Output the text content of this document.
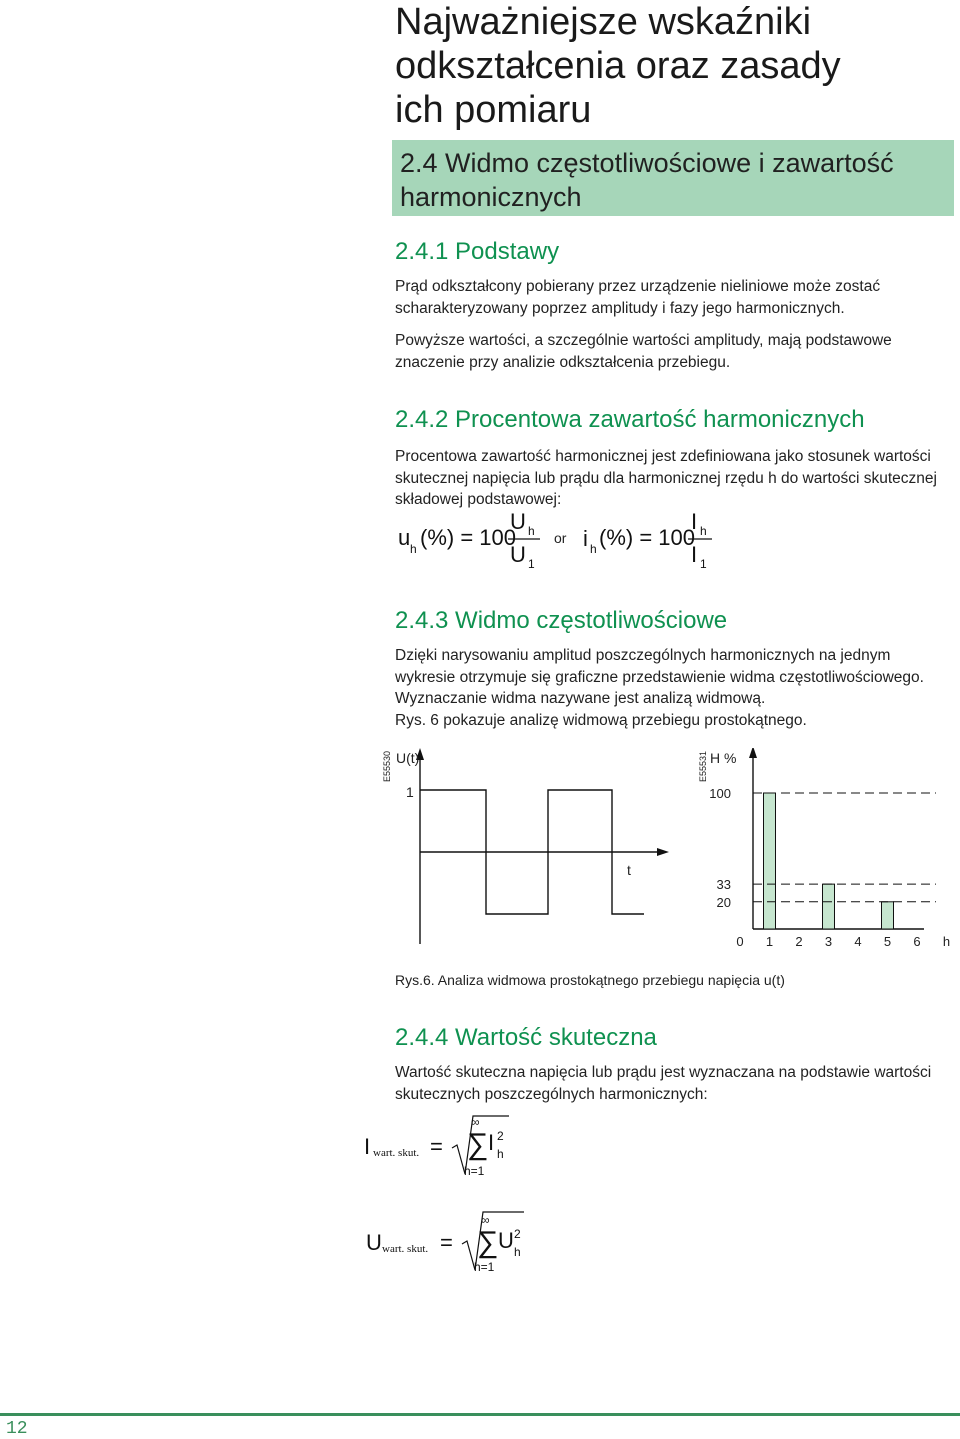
Najważniejsze wskaźniki
odkształcenia oraz zasady
ich pomiaru
2.4 Widmo częstotliwościowe i zawartość
harmonicznych
2.4.1 Podstawy
Prąd odkształcony pobierany przez urządzenie nieliniowe może zostać
scharakteryzowany poprzez amplitudy i fazy jego harmonicznych.
Powyższe wartości, a szczególnie wartości amplitudy, mają podstawowe
znaczenie przy analizie odkształcenia przebiegu.
2.4.2 Procentowa zawartość harmonicznych
Procentowa zawartość harmonicznej jest zdefiniowana jako stosunek wartości
skutecznej napięcia lub prądu dla harmonicznej rzędu h do wartości skutecznej
składowej podstawowej:
u h (%) = 100
U h
U 1
i h (%) = 100
I h
I 1
or
2.4.3 Widmo częstotliwościowe
Dzięki narysowaniu amplitud poszczególnych harmonicznych na jednym
wykresie otrzymuje się graficzne przedstawienie widma częstotliwościowego.
Wyznaczanie widma nazywane jest analizą widmową.
Rys. 6 pokazuje analizę widmową przebiegu prostokątnego.
E55530 U(t)
1
t
E55531
100
33
20
0 1 2 3 4 5 6 h
H %
Rys.6. Analiza widmowa prostokątnego przebiegu napięcia u(t)
2.4.4 Wartość skuteczna
Wartość skuteczna napięcia lub prądu jest wyznaczana na podstawie wartości
skutecznych poszczególnych harmonicznych:
I	=
∞
∑
h=1
I 2
h
wart. skut.
U	=
∞
∑
h=1
U 2
h
wart. skut.
12
